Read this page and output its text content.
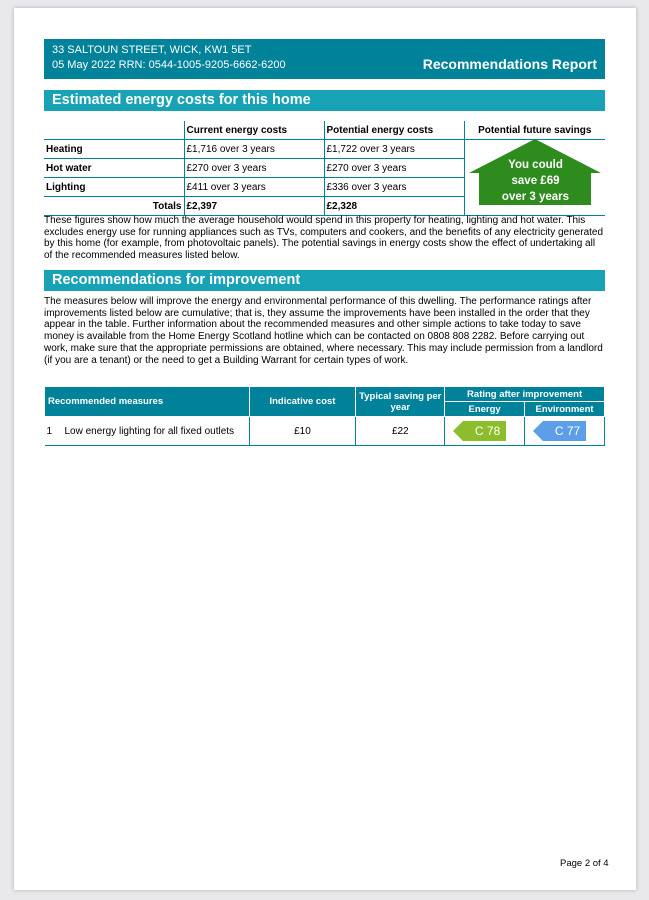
33 SALTOUN STREET, WICK, KW1 5ET
05 May 2022 RRN: 0544-1005-9205-6662-6200	Recommendations Report
Estimated energy costs for this home
	Current energy costs	Potential energy costs	Potential future savings
Heating	£1,716 over 3 years	£1,722 over 3 years	
Hot water	£270 over 3 years	£270 over 3 years	
Lighting	£411 over 3 years	£336 over 3 years	
Totals	£2,397	£2,328	
You could
save £69
over 3 years
These figures show how much the average household would spend in this property for heating, lighting and hot water. This excludes energy use for running appliances such as TVs, computers and cookers, and the benefits of any electricity generated by this home (for example, from photovoltaic panels). The potential savings in energy costs show the effect of undertaking all of the recommended measures listed below.
Recommendations for improvement
The measures below will improve the energy and environmental performance of this dwelling. The performance ratings after improvements listed below are cumulative; that is, they assume the improvements have been installed in the order that they appear in the table. Further information about the recommended measures and other simple actions to take today to save money is available from the Home Energy Scotland hotline which can be contacted on 0808 808 2282. Before carrying out work, make sure that the appropriate permissions are obtained, where necessary. This may include permission from a landlord (if you are a tenant) or the need to get a Building Warrant for certain types of work.
Recommended measures	Indicative cost	Typical saving per year	Rating after improvement	
			Energy	Environment
1 Low energy lighting for all fixed outlets	£10	£22	C 78	C 77
Page 2 of 4
